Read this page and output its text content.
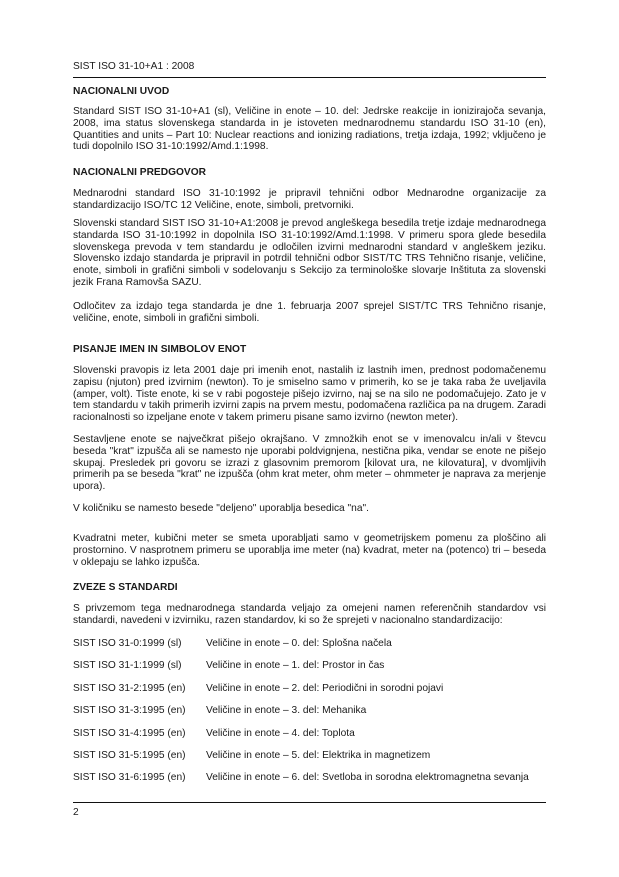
SIST ISO 31-10+A1 : 2008
NACIONALNI UVOD
Standard SIST ISO 31-10+A1 (sl), Veličine in enote – 10. del: Jedrske reakcije in ionizirajoča sevanja, 2008, ima status slovenskega standarda in je istoveten mednarodnemu standardu ISO 31-10 (en), Quantities and units – Part 10: Nuclear reactions and ionizing radiations, tretja izdaja, 1992; vključeno je tudi dopolnilo ISO 31-10:1992/Amd.1:1998.
NACIONALNI PREDGOVOR
Mednarodni standard ISO 31-10:1992 je pripravil tehnični odbor Mednarodne organizacije za standardizacijo ISO/TC 12 Veličine, enote, simboli, pretvorniki.
Slovenski standard SIST ISO 31-10+A1:2008 je prevod angleškega besedila tretje izdaje mednarodnega standarda ISO 31-10:1992 in dopolnila ISO 31-10:1992/Amd.1:1998. V primeru spora glede besedila slovenskega prevoda v tem standardu je odločilen izvirni mednarodni standard v angleškem jeziku. Slovensko izdajo standarda je pripravil in potrdil tehnični odbor SIST/TC TRS Tehnično risanje, veličine, enote, simboli in grafični simboli v sodelovanju s Sekcijo za terminološke slovarje Inštituta za slovenski jezik Frana Ramovša SAZU.
Odločitev za izdajo tega standarda je dne 1. februarja 2007 sprejel SIST/TC TRS Tehnično risanje, veličine, enote, simboli in grafični simboli.
PISANJE IMEN IN SIMBOLOV ENOT
Slovenski pravopis iz leta 2001 daje pri imenih enot, nastalih iz lastnih imen, prednost podomačenemu zapisu (njuton) pred izvirnim (newton). To je smiselno samo v primerih, ko se je taka raba že uveljavila (amper, volt). Tiste enote, ki se v rabi pogosteje pišejo izvirno, naj se na silo ne podomačujejo. Zato je v tem standardu v takih primerih izvirni zapis na prvem mestu, podomačena različica pa na drugem. Zaradi racionalnosti so izpeljane enote v takem primeru pisane samo izvirno (newton meter).
Sestavljene enote se največkrat pišejo okrajšano. V zmnožkih enot se v imenovalcu in/ali v števcu beseda "krat" izpušča ali se namesto nje uporabi poldvignjena, nestična pika, vendar se enote ne pišejo skupaj. Presledek pri govoru se izrazi z glasovnim premorom [kilovat ura, ne kilovatura], v dvomljivih primerih pa se beseda "krat" ne izpušča (ohm krat meter, ohm meter – ohmmeter je naprava za merjenje upora).
V količniku se namesto besede "deljeno" uporablja besedica "na".
Kvadratni meter, kubični meter se smeta uporabljati samo v geometrijskem pomenu za ploščino ali prostornino. V nasprotnem primeru se uporablja ime meter (na) kvadrat, meter na (potenco) tri – beseda v oklepaju se lahko izpušča.
ZVEZE S STANDARDI
S privzemom tega mednarodnega standarda veljajo za omejeni namen referenčnih standardov vsi standardi, navedeni v izvirniku, razen standardov, ki so že sprejeti v nacionalno standardizacijo:
SIST ISO 31-0:1999 (sl) Veličine in enote – 0. del: Splošna načela
SIST ISO 31-1:1999 (sl) Veličine in enote – 1. del: Prostor in čas
SIST ISO 31-2:1995 (en) Veličine in enote – 2. del: Periodični in sorodni pojavi
SIST ISO 31-3:1995 (en) Veličine in enote – 3. del: Mehanika
SIST ISO 31-4:1995 (en) Veličine in enote – 4. del: Toplota
SIST ISO 31-5:1995 (en) Veličine in enote – 5. del: Elektrika in magnetizem
SIST ISO 31-6:1995 (en) Veličine in enote – 6. del: Svetloba in sorodna elektromagnetna sevanja
2
